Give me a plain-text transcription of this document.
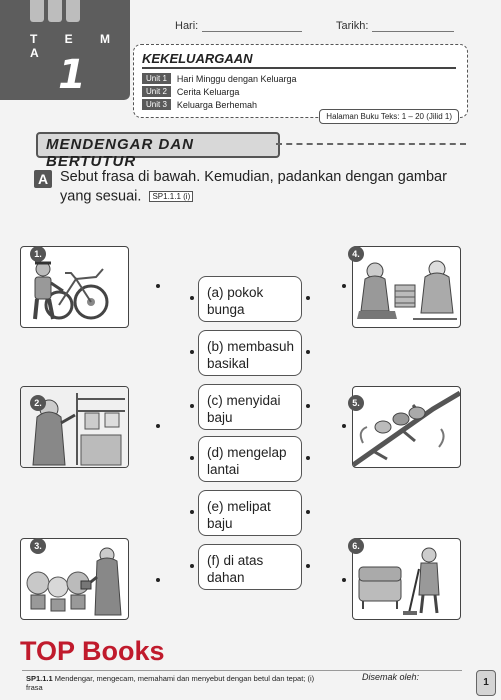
T E M A 1
Hari:	Tarikh:
KEKELUARGAAN
Unit 1	Hari Minggu dengan Keluarga
Unit 2	Cerita Keluarga
Unit 3	Keluarga Berhemah
Halaman Buku Teks: 1 – 20 (Jilid 1)
MENDENGAR DAN BERTUTUR
A Sebut frasa di bawah. Kemudian, padankan dengan gambar yang sesuai. SP1.1.1 (i)
1.
2.
3.
4.
5.
6.
(a) pokok
bunga
(b) membasuh
basikal
(c) menyidai
baju
(d) mengelap
lantai
(e) melipat
baju
(f) di atas
dahan
TOP Books
SP1.1.1 Mendengar, mengecam, memahami dan menyebut dengan betul dan tepat; (i) frasa
Disemak oleh:	1
